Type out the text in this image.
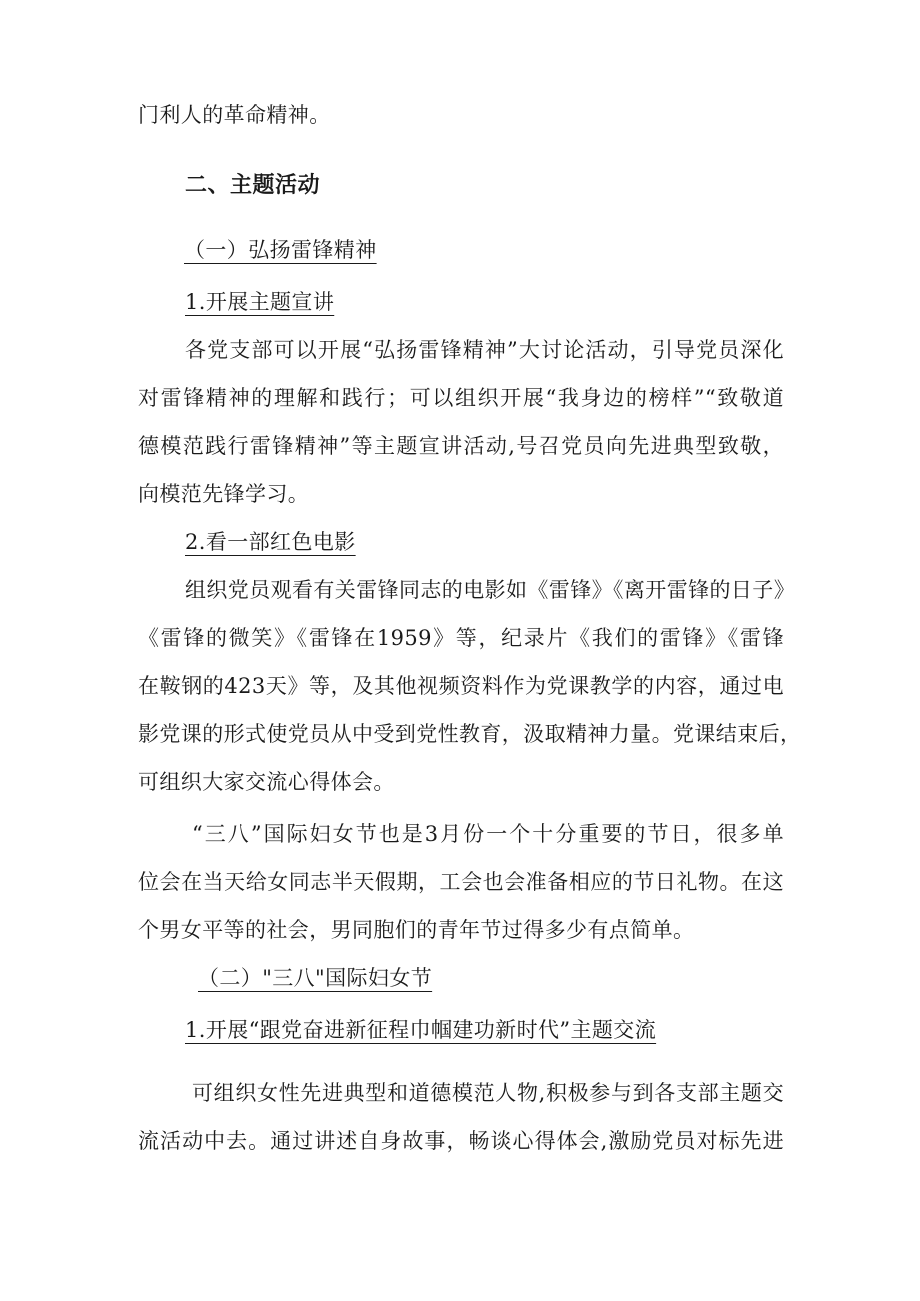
门利人的革命精神。
二、主题活动
（一）弘扬雷锋精神
1.开展主题宣讲
各党支部可以开展“弘扬雷锋精神”大讨论活动，引导党员深化
对雷锋精神的理解和践行；可以组织开展“我身边的榜样”“致敬道
德模范践行雷锋精神”等主题宣讲活动,号召党员向先进典型致敬，
向模范先锋学习。
2.看一部红色电影
组织党员观看有关雷锋同志的电影如《雷锋》《离开雷锋的日子》
《雷锋的微笑》《雷锋在1959》等，纪录片《我们的雷锋》《雷锋
在鞍钢的423天》等，及其他视频资料作为党课教学的内容，通过电
影党课的形式使党员从中受到党性教育，汲取精神力量。党课结束后，
可组织大家交流心得体会。
“三八”国际妇女节也是3月份一个十分重要的节日，很多单
位会在当天给女同志半天假期，工会也会准备相应的节日礼物。在这
个男女平等的社会，男同胞们的青年节过得多少有点简单。
（二）"三八"国际妇女节
1.开展“跟党奋进新征程巾帼建功新时代”主题交流
可组织女性先进典型和道德模范人物,积极参与到各支部主题交
流活动中去。通过讲述自身故事，畅谈心得体会,激励党员对标先进
